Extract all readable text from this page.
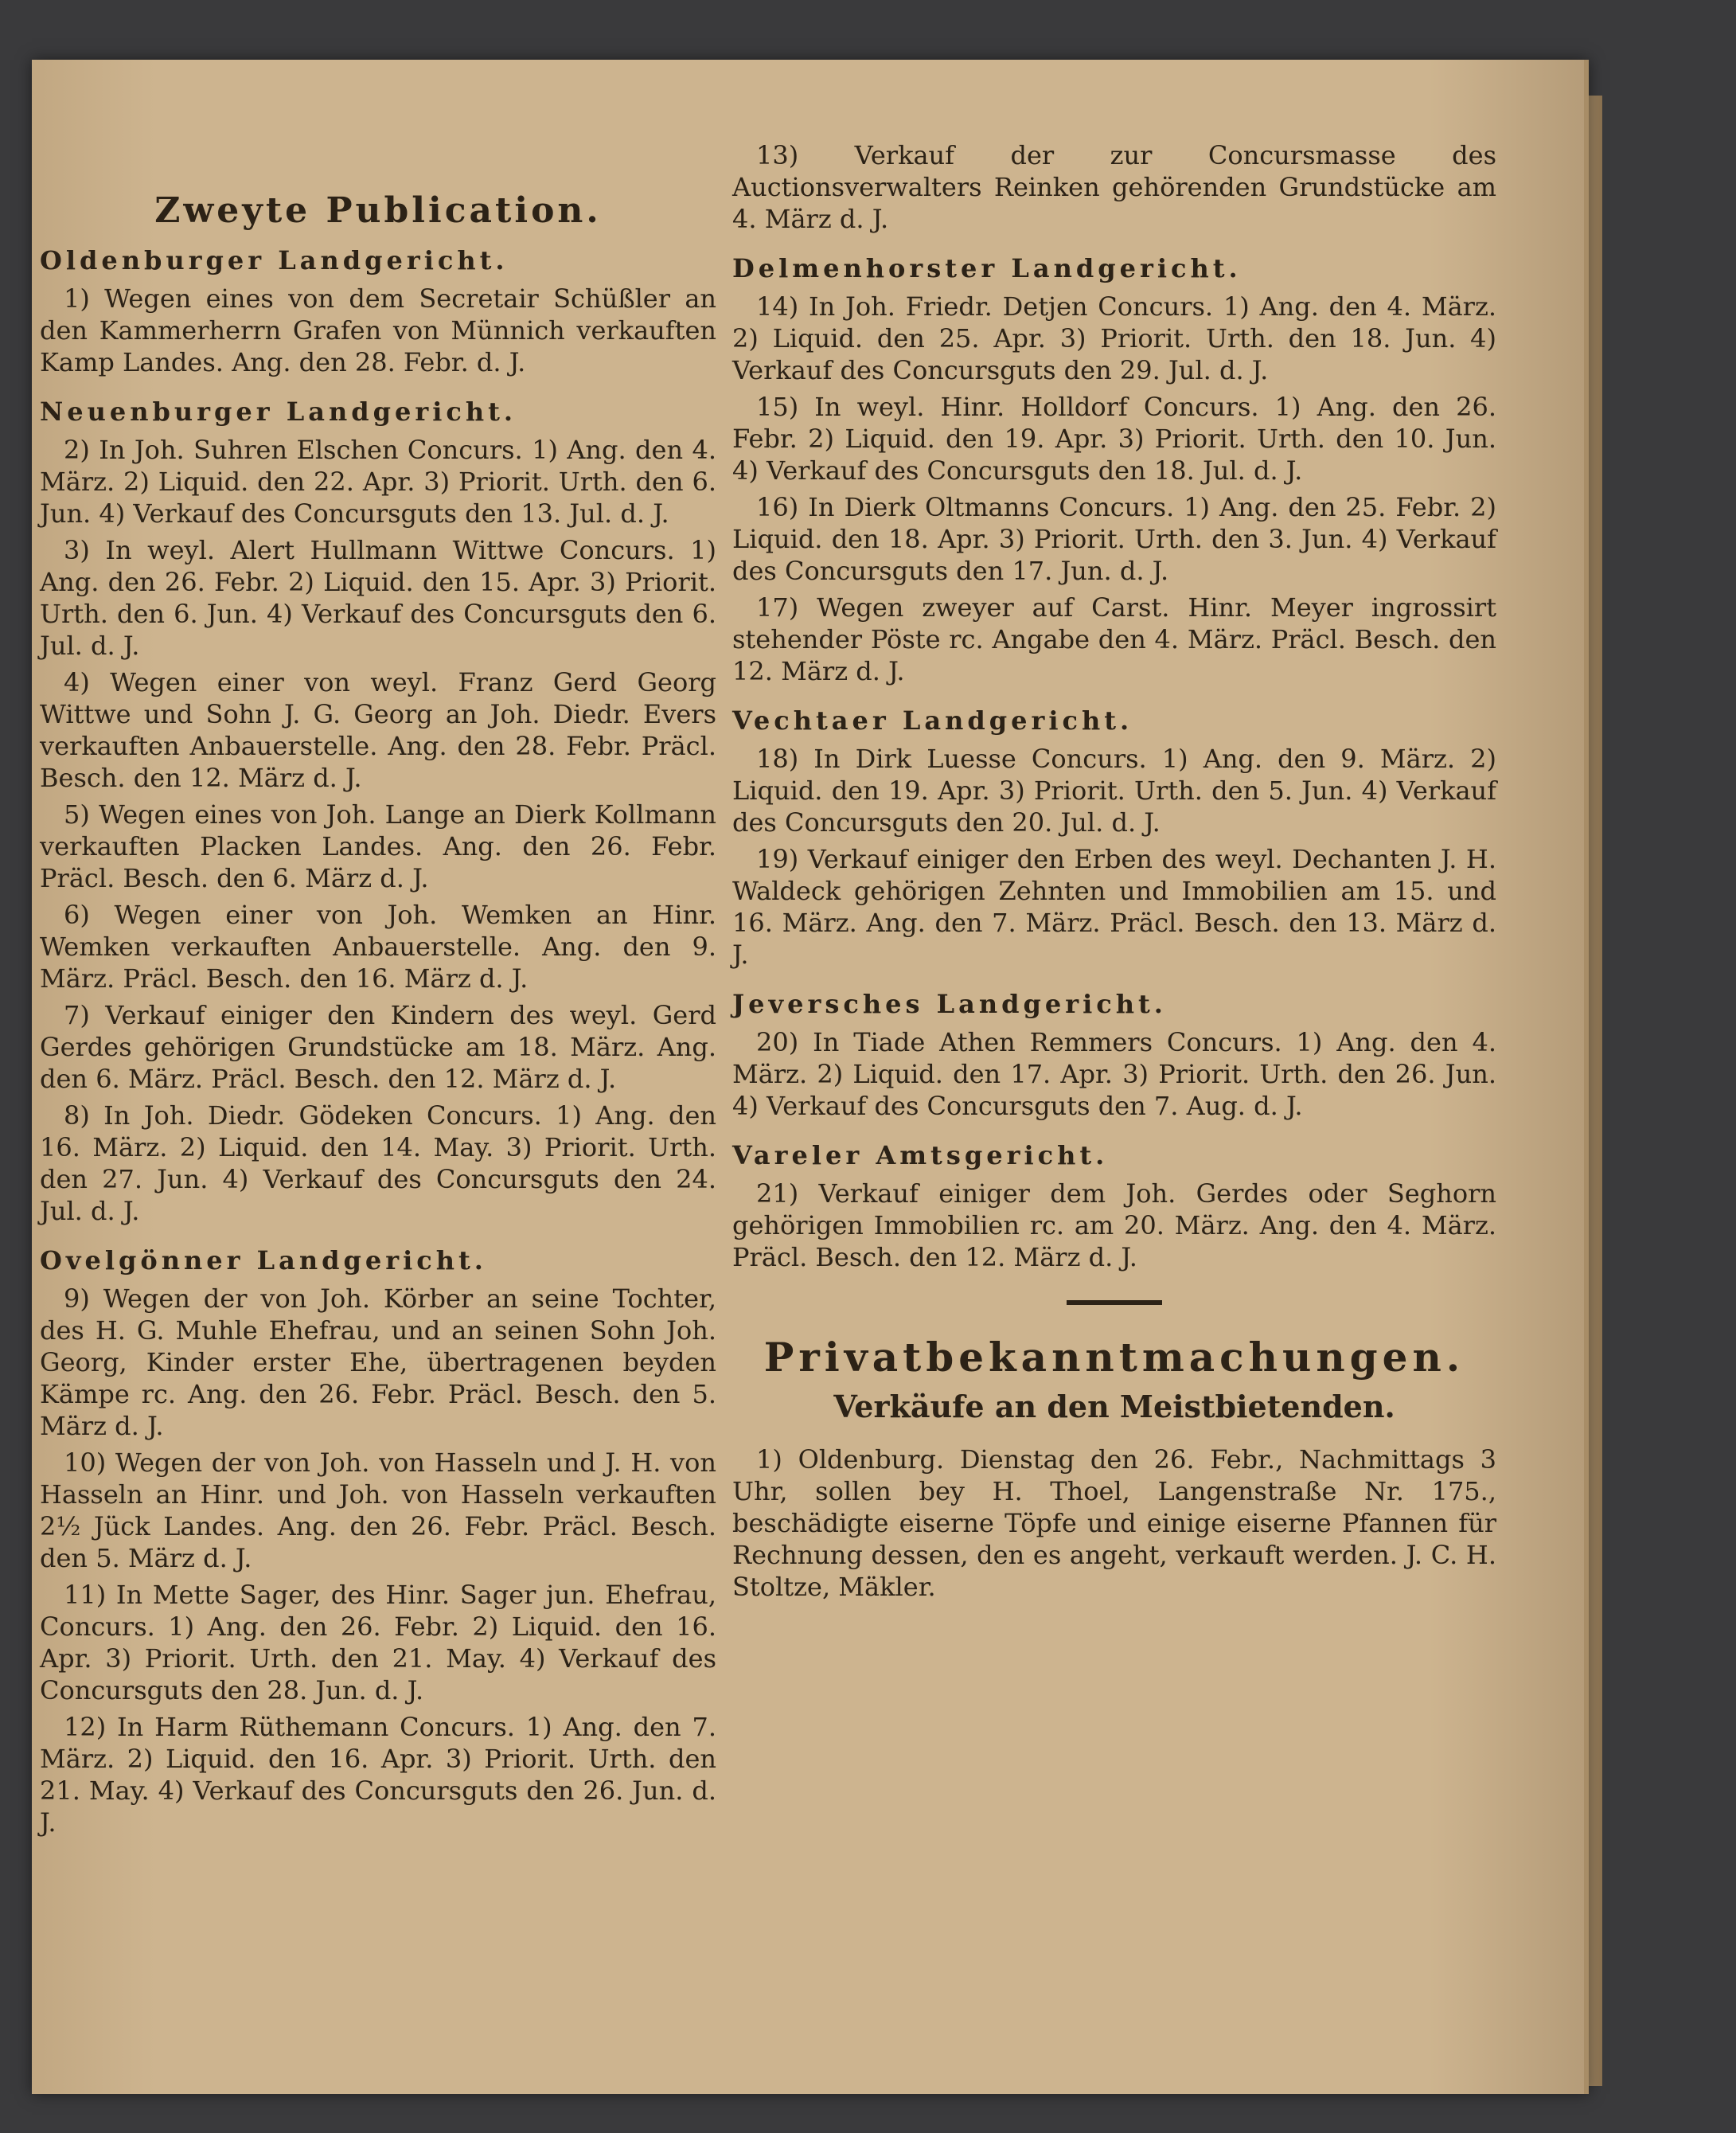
Zweyte Publication.
Oldenburger Landgericht.

1) Wegen eines von dem Secretair Schüßler an den Kammerherrn Grafen von Münnich verkauften Kamp Landes. Ang. den 28. Febr. d. J.

Neuenburger Landgericht.

2) In Joh. Suhren Elschen Concurs. 1) Ang. den 4. März. 2) Liquid. den 22. Apr. 3) Priorit. Urth. den 6. Jun. 4) Verkauf des Concursguts den 13. Jul. d. J.

3) In weyl. Alert Hullmann Wittwe Concurs. 1) Ang. den 26. Febr. 2) Liquid. den 15. Apr. 3) Priorit. Urth. den 6. Jun. 4) Verkauf des Concursguts den 6. Jul. d. J.

4) Wegen einer von weyl. Franz Gerd Georg Wittwe und Sohn J. G. Georg an Joh. Diedr. Evers verkauften Anbauerstelle. Ang. den 28. Febr. Präcl. Besch. den 12. März d. J.

5) Wegen eines von Joh. Lange an Dierk Kollmann verkauften Placken Landes. Ang. den 26. Febr. Präcl. Besch. den 6. März d. J.

6) Wegen einer von Joh. Wemken an Hinr. Wemken verkauften Anbauerstelle. Ang. den 9. März. Präcl. Besch. den 16. März d. J.

7) Verkauf einiger den Kindern des weyl. Gerd Gerdes gehörigen Grundstücke am 18. März. Ang. den 6. März. Präcl. Besch. den 12. März d. J.

8) In Joh. Diedr. Gödeken Concurs. 1) Ang. den 16. März. 2) Liquid. den 14. May. 3) Priorit. Urth. den 27. Jun. 4) Verkauf des Concursguts den 24. Jul. d. J.

Ovelgönner Landgericht.

9) Wegen der von Joh. Körber an seine Tochter, des H. G. Muhle Ehefrau, und an seinen Sohn Joh. Georg, Kinder erster Ehe, übertragenen beyden Kämpe rc. Ang. den 26. Febr. Präcl. Besch. den 5. März d. J.

10) Wegen der von Joh. von Hasseln und J. H. von Hasseln an Hinr. und Joh. von Hasseln verkauften 2½ Jück Landes. Ang. den 26. Febr. Präcl. Besch. den 5. März d. J.

11) In Mette Sager, des Hinr. Sager jun. Ehefrau, Concurs. 1) Ang. den 26. Febr. 2) Liquid. den 16. Apr. 3) Priorit. Urth. den 21. May. 4) Verkauf des Concursguts den 28. Jun. d. J.

12) In Harm Rüthemann Concurs. 1) Ang. den 7. März. 2) Liquid. den 16. Apr. 3) Priorit. Urth. den 21. May. 4) Verkauf des Concursguts den 26. Jun. d. J.

13) Verkauf der zur Concursmasse des Auctionsverwalters Reinken gehörenden Grundstücke am 4. März d. J.

Delmenhorster Landgericht.

14) In Joh. Friedr. Detjen Concurs. 1) Ang. den 4. März. 2) Liquid. den 25. Apr. 3) Priorit. Urth. den 18. Jun. 4) Verkauf des Concursguts den 29. Jul. d. J.

15) In weyl. Hinr. Holldorf Concurs. 1) Ang. den 26. Febr. 2) Liquid. den 19. Apr. 3) Priorit. Urth. den 10. Jun. 4) Verkauf des Concursguts den 18. Jul. d. J.

16) In Dierk Oltmanns Concurs. 1) Ang. den 25. Febr. 2) Liquid. den 18. Apr. 3) Priorit. Urth. den 3. Jun. 4) Verkauf des Concursguts den 17. Jun. d. J.

17) Wegen zweyer auf Carst. Hinr. Meyer ingrossirt stehender Pöste rc. Angabe den 4. März. Präcl. Besch. den 12. März d. J.

Vechtaer Landgericht.

18) In Dirk Luesse Concurs. 1) Ang. den 9. März. 2) Liquid. den 19. Apr. 3) Priorit. Urth. den 5. Jun. 4) Verkauf des Concursguts den 20. Jul. d. J.

19) Verkauf einiger den Erben des weyl. Dechanten J. H. Waldeck gehörigen Zehnten und Immobilien am 15. und 16. März. Ang. den 7. März. Präcl. Besch. den 13. März d. J.

Jeversches Landgericht.

20) In Tiade Athen Remmers Concurs. 1) Ang. den 4. März. 2) Liquid. den 17. Apr. 3) Priorit. Urth. den 26. Jun. 4) Verkauf des Concursguts den 7. Aug. d. J.

Vareler Amtsgericht.

21) Verkauf einiger dem Joh. Gerdes oder Seghorn gehörigen Immobilien rc. am 20. März. Ang. den 4. März. Präcl. Besch. den 12. März d. J.

Privatbekanntmachungen.
Verkäufe an den Meistbietenden.

1) Oldenburg. Dienstag den 26. Febr., Nachmittags 3 Uhr, sollen bey H. Thoel, Langenstraße Nr. 175., beschädigte eiserne Töpfe und einige eiserne Pfannen für Rechnung dessen, den es angeht, verkauft werden. J. C. H. Stoltze, Mäkler.
